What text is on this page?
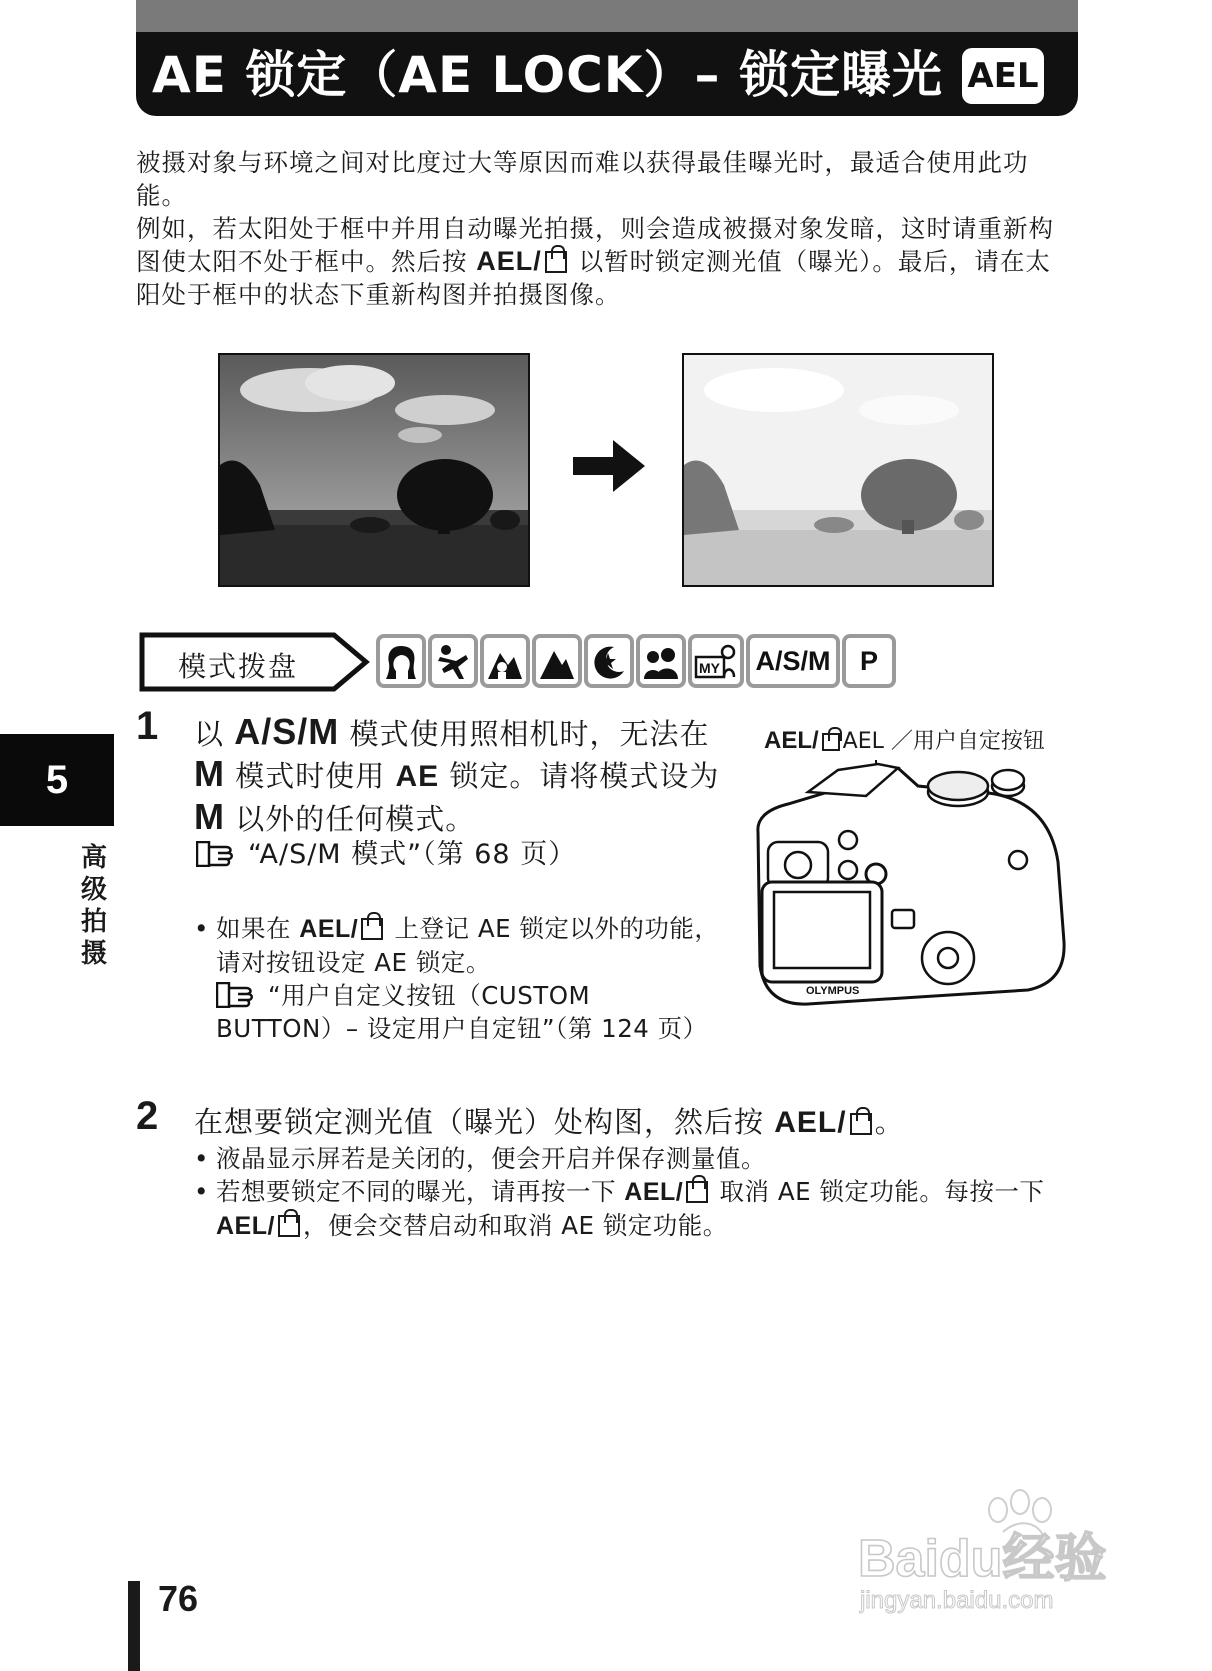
AE 锁定（AE LOCK）– 锁定曝光 AEL
被摄对象与环境之间对比度过大等原因而难以获得最佳曝光时，最适合使用此功能。
例如，若太阳处于框中并用自动曝光拍摄，则会造成被摄对象发暗，这时请重新构图使太阳不处于框中。然后按 AEL/ 以暂时锁定测光值（曝光）。最后，请在太阳处于框中的状态下重新构图并拍摄图像。
模式拨盘	MY	A/S/M	P
5
高级拍摄
1 以 A/S/M 模式使用照相机时，无法在 M 模式时使用 AE 锁定。请将模式设为 M 以外的任何模式。
“A/S/M 模式”（第 68 页）
• 如果在 AEL/ 上登记 AE 锁定以外的功能，请对按钮设定 AE 锁定。
“用户自定义按钮（CUSTOM BUTTON）– 设定用户自定钮”（第 124 页）
AEL/ AEL ／用户自定按钮
OLYMPUS
2 在想要锁定测光值（曝光）处构图，然后按 AEL/ 。
• 液晶显示屏若是关闭的，便会开启并保存测量值。
• 若想要锁定不同的曝光，请再按一下 AEL/ 取消 AE 锁定功能。每按一下 AEL/ ，便会交替启动和取消 AE 锁定功能。
76
Baidu经验
jingyan.baidu.com
